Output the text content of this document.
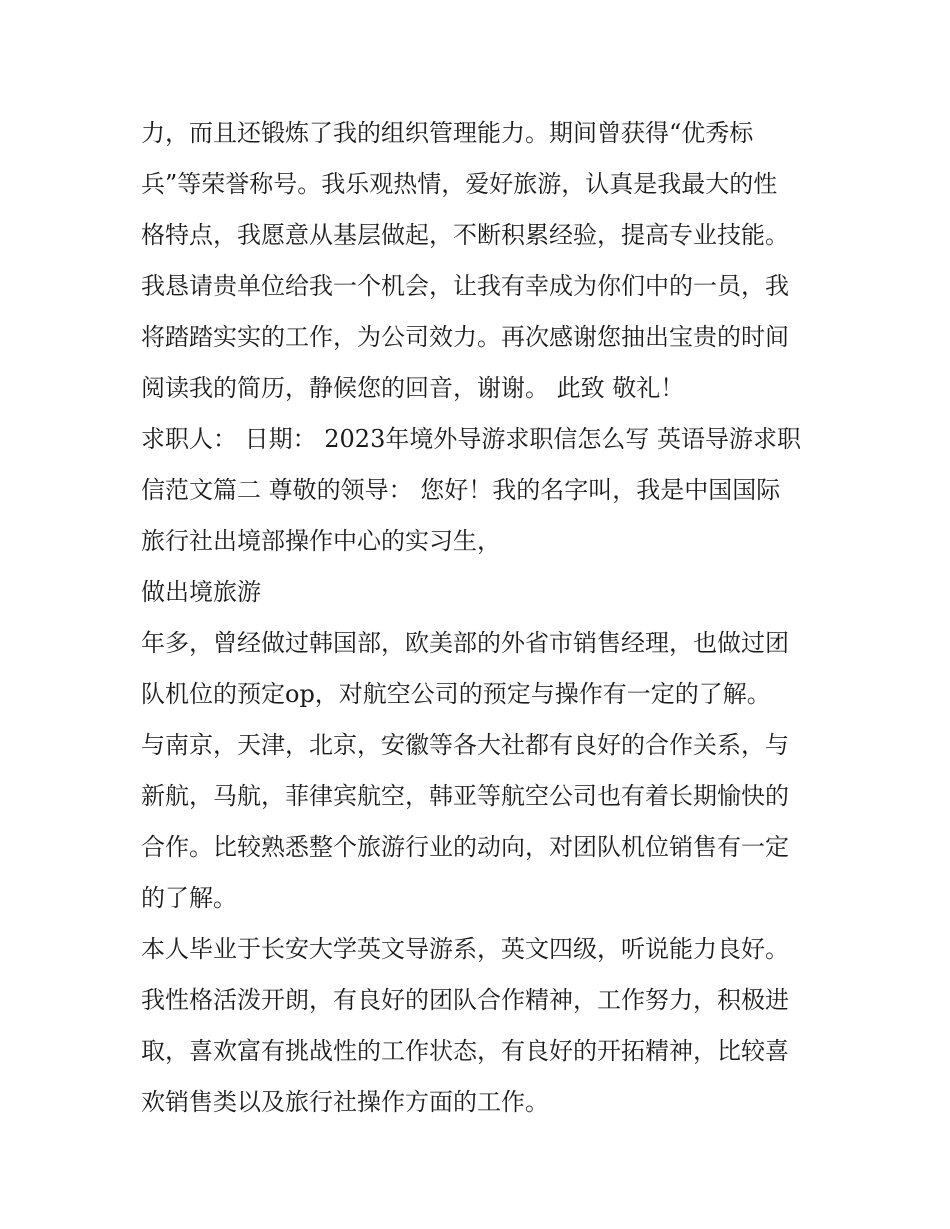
力，而且还锻炼了我的组织管理能力。期间曾获得“优秀标
兵”等荣誉称号。我乐观热情，爱好旅游，认真是我最大的性
格特点，我愿意从基层做起，不断积累经验，提高专业技能。
我恳请贵单位给我一个机会，让我有幸成为你们中的一员，我
将踏踏实实的工作，为公司效力。再次感谢您抽出宝贵的时间
阅读我的简历，静候您的回音，谢谢。 此致 敬礼！
求职人： 日期： 2023年境外导游求职信怎么写 英语导游求职
信范文篇二 尊敬的领导： 您好！我的名字叫，我是中国国际
旅行社出境部操作中心的实习生，
做出境旅游
年多，曾经做过韩国部，欧美部的外省市销售经理，也做过团
队机位的预定op，对航空公司的预定与操作有一定的了解。
与南京，天津，北京，安徽等各大社都有良好的合作关系，与
新航，马航，菲律宾航空，韩亚等航空公司也有着长期愉快的
合作。比较熟悉整个旅游行业的动向，对团队机位销售有一定
的了解。
本人毕业于长安大学英文导游系，英文四级，听说能力良好。
我性格活泼开朗，有良好的团队合作精神，工作努力，积极进
取，喜欢富有挑战性的工作状态，有良好的开拓精神，比较喜
欢销售类以及旅行社操作方面的工作。
